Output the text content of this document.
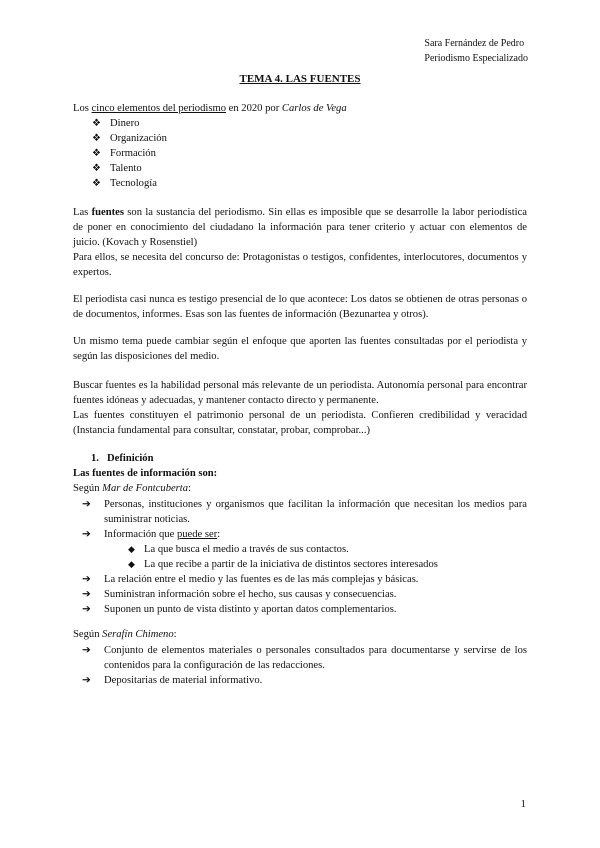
Sara Fernández de Pedro
Periodismo Especializado
TEMA 4. LAS FUENTES
Los cinco elementos del periodismo en 2020 por Carlos de Vega
❖ Dinero
❖ Organización
❖ Formación
❖ Talento
❖ Tecnología
Las fuentes son la sustancia del periodismo. Sin ellas es imposible que se desarrolle la labor periodística de poner en conocimiento del ciudadano la información para tener criterio y actuar con elementos de juicio. (Kovach y Rosenstiel)
Para ellos, se necesita del concurso de: Protagonistas o testigos, confidentes, interlocutores, documentos y expertos.
El periodista casi nunca es testigo presencial de lo que acontece: Los datos se obtienen de otras personas o de documentos, informes. Esas son las fuentes de información (Bezunartea y otros).
Un mismo tema puede cambiar según el enfoque que aporten las fuentes consultadas por el periodista y según las disposiciones del medio.
Buscar fuentes es la habilidad personal más relevante de un periodista. Autonomía personal para encontrar fuentes idóneas y adecuadas, y mantener contacto directo y permanente.
Las fuentes constituyen el patrimonio personal de un periodista. Confieren credibilidad y veracidad (Instancia fundamental para consultar, constatar, probar, comprobar...)
1. Definición
Las fuentes de información son:
Según Mar de Fontcuberta:
➔	Personas, instituciones y organismos que facilitan la información que necesitan los medios para suministrar noticias.
➔	Información que puede ser:
◆ La que busca el medio a través de sus contactos.
◆ La que recibe a partir de la iniciativa de distintos sectores interesados
➔	La relación entre el medio y las fuentes es de las más complejas y básicas.
➔	Suministran información sobre el hecho, sus causas y consecuencias.
➔	Suponen un punto de vista distinto y aportan datos complementarios.
Según Serafín Chimeno:
➔	Conjunto de elementos materiales o personales consultados para documentarse y servirse de los contenidos para la configuración de las redacciones.
➔	Depositarias de material informativo.
1
